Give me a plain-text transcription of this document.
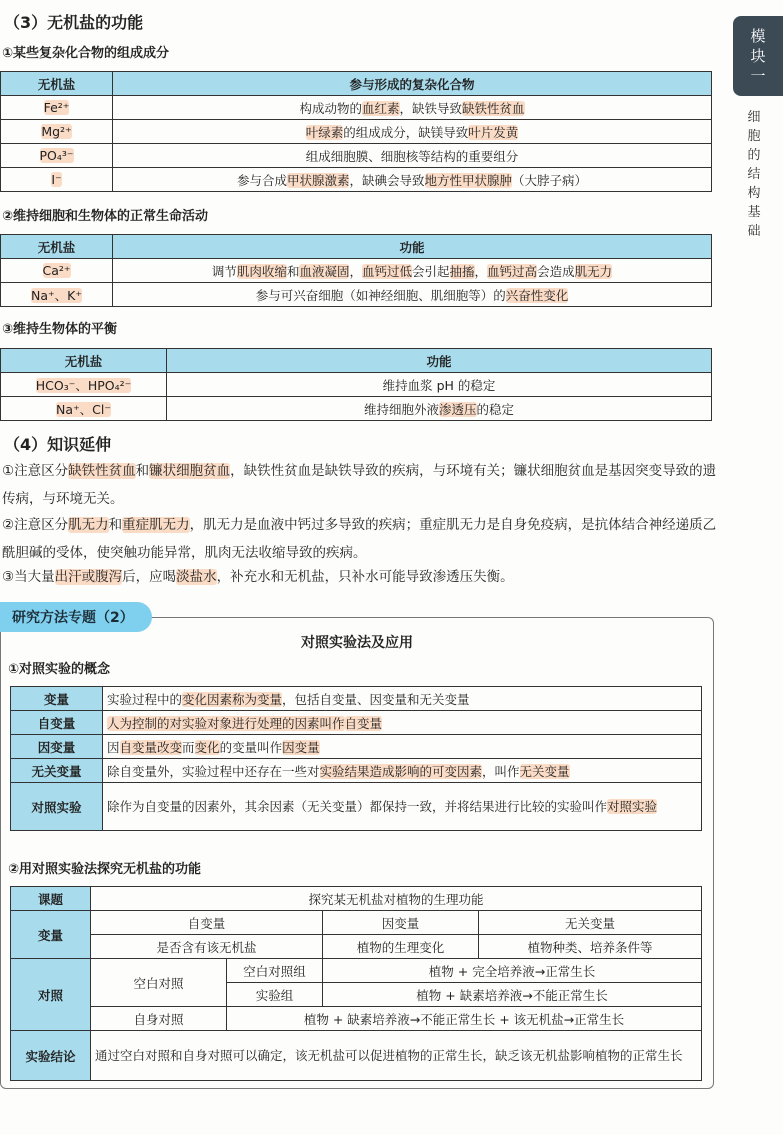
模
块
一
细
胞
的
结
构
基
础
（3）无机盐的功能
①某些复杂化合物的组成成分
无机盐	参与形成的复杂化合物
Fe²⁺	构成动物的血红素，缺铁导致缺铁性贫血
Mg²⁺	叶绿素的组成成分，缺镁导致叶片发黄
PO₄³⁻	组成细胞膜、细胞核等结构的重要组分
I⁻	参与合成甲状腺激素，缺碘会导致地方性甲状腺肿（大脖子病）
②维持细胞和生物体的正常生命活动
无机盐	功能
Ca²⁺	调节肌肉收缩和血液凝固，血钙过低会引起抽搐，血钙过高会造成肌无力
Na⁺、K⁺	参与可兴奋细胞（如神经细胞、肌细胞等）的兴奋性变化
③维持生物体的平衡
无机盐	功能
HCO₃⁻、HPO₄²⁻	维持血浆 pH 的稳定
Na⁺、Cl⁻	维持细胞外液渗透压的稳定
（4）知识延伸
①注意区分缺铁性贫血和镰状细胞贫血，缺铁性贫血是缺铁导致的疾病，与环境有关；镰状细胞贫血是基因突变导致的遗传病，与环境无关。
②注意区分肌无力和重症肌无力，肌无力是血液中钙过多导致的疾病；重症肌无力是自身免疫病，是抗体结合神经递质乙酰胆碱的受体，使突触功能异常，肌肉无法收缩导致的疾病。
③当大量出汗或腹泻后，应喝淡盐水，补充水和无机盐，只补水可能导致渗透压失衡。
研究方法专题（2）
对照实验法及应用
①对照实验的概念
变量	实验过程中的变化因素称为变量，包括自变量、因变量和无关变量
自变量	人为控制的对实验对象进行处理的因素叫作自变量
因变量	因自变量改变而变化的变量叫作因变量
无关变量	除自变量外，实验过程中还存在一些对实验结果造成影响的可变因素，叫作无关变量
对照实验	除作为自变量的因素外，其余因素（无关变量）都保持一致，并将结果进行比较的实验叫作对照实验
②用对照实验法探究无机盐的功能
课题	探究某无机盐对植物的生理功能			
变量	自变量		因变量	无关变量
	是否含有该无机盐		植物的生理变化	植物种类、培养条件等
对照	空白对照	空白对照组	植物 + 完全培养液→正常生长	
		实验组	植物 + 缺素培养液→不能正常生长	
	自身对照	植物 + 缺素培养液→不能正常生长 + 该无机盐→正常生长		
实验结论	通过空白对照和自身对照可以确定，该无机盐可以促进植物的正常生长，缺乏该无机盐影响植物的正常生长			
